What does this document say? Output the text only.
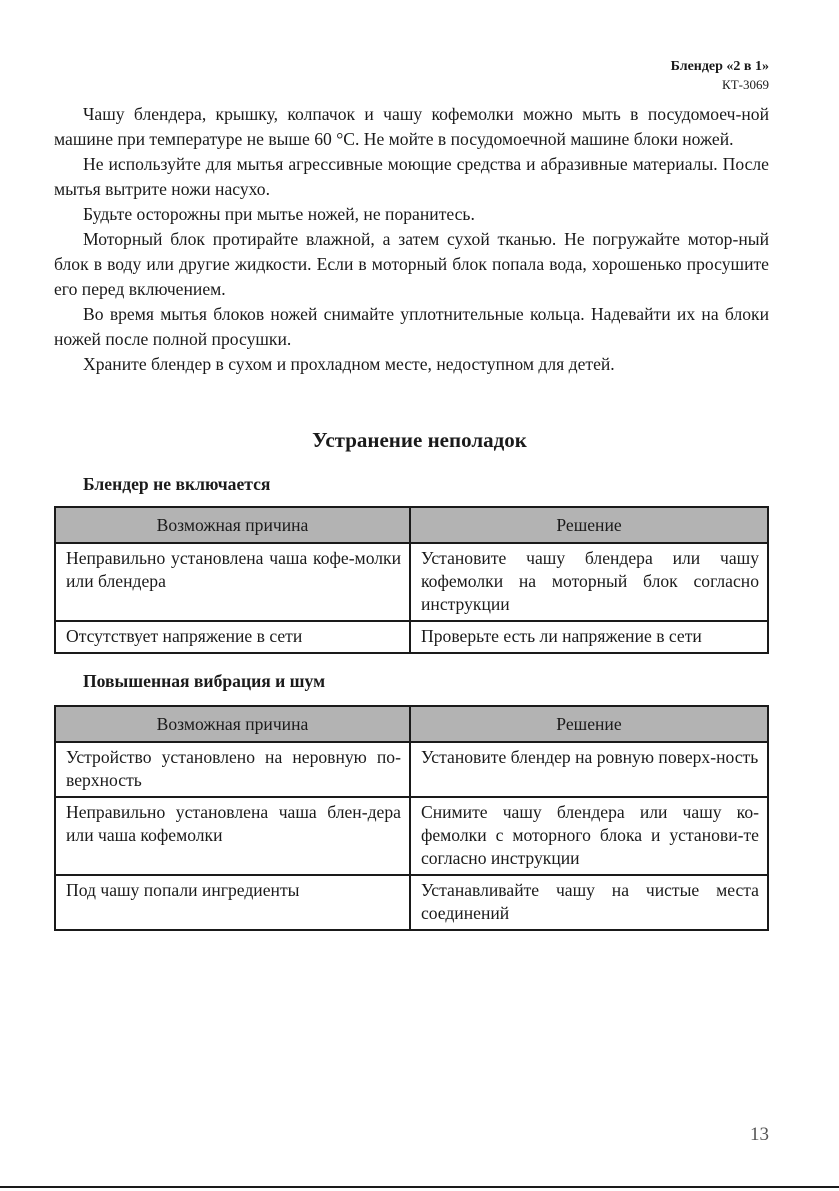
Блендер «2 в 1»
КТ-3069

Чашу блендера, крышку, колпачок и чашу кофемолки можно мыть в посудомоеч-ной машине при температуре не выше 60 °С. Не мойте в посудомоечной машине блоки ножей.

Не используйте для мытья агрессивные моющие средства и абразивные материалы. После мытья вытрите ножи насухо.

Будьте осторожны при мытье ножей, не поранитесь.

Моторный блок протирайте влажной, а затем сухой тканью. Не погружайте мотор-ный блок в воду или другие жидкости. Если в моторный блок попала вода, хорошенько просушите его перед включением.

Во время мытья блоков ножей снимайте уплотнительные кольца. Надевайти их на блоки ножей после полной просушки.

Храните блендер в сухом и прохладном месте, недоступном для детей.

Устранение неполадок
Блендер не включается
Возможная причина	Решение
Неправильно установлена чаша кофе-молки или блендера	Установите чашу блендера или чашу кофемолки на моторный блок согласно инструкции
Отсутствует напряжение в сети	Проверьте есть ли напряжение в сети
Повышенная вибрация и шум
Возможная причина	Решение
Устройство установлено на неровную по-верхность	Установите блендер на ровную поверх-ность
Неправильно установлена чаша блен-дера или чаша кофемолки	Снимите чашу блендера или чашу ко-фемолки с моторного блока и установи-те согласно инструкции
Под чашу попали ингредиенты	Устанавливайте чашу на чистые места соединений
13
